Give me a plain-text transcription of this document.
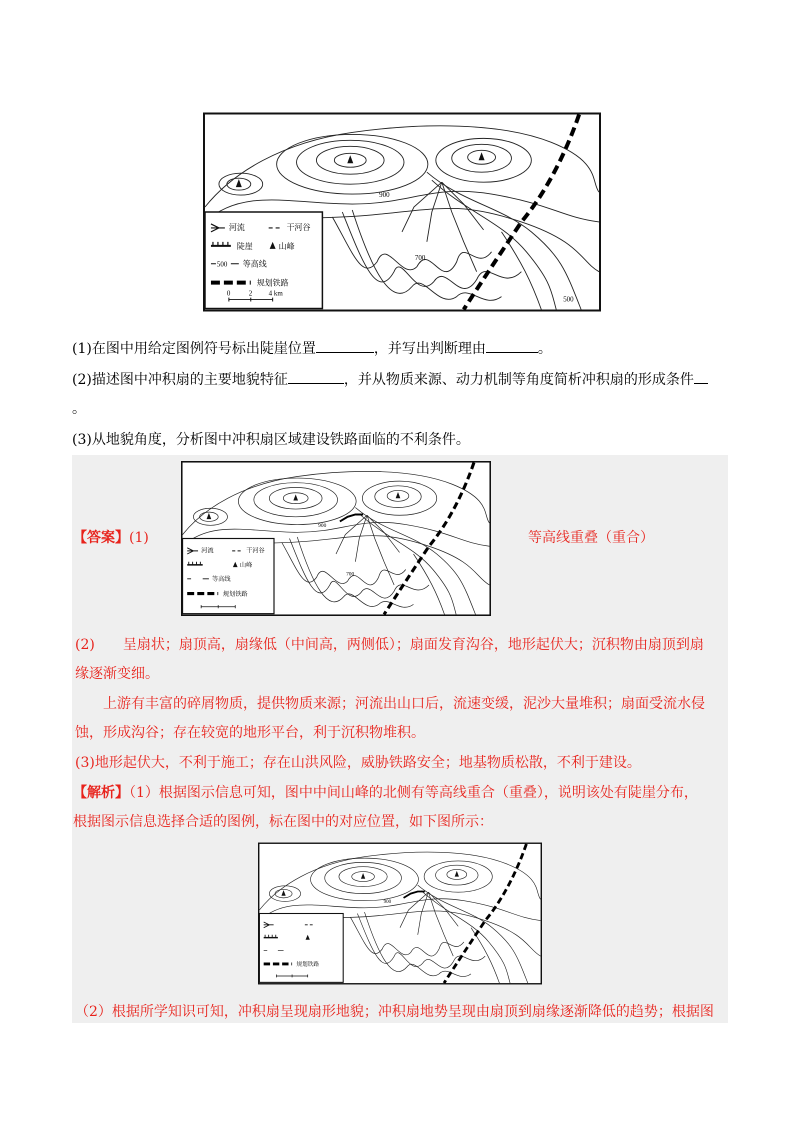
900
700
500
河流	干河谷
陡崖	山峰
500 等高线
规划铁路
0	2 4 km
(1)在图中用给定图例符号标出陡崖位置	，并写出判断理由	。
(2)描述图中冲积扇的主要地貌特征	，并从物质来源、动力机制等角度简析冲积扇的形成条件
。
(3)从地貌角度，分析图中冲积扇区域建设铁路面临的不利条件。
河流	干河谷
山峰
等高线
规划铁路
900
700
【答案】(1)	等高线重叠（重合）
(2)　　呈扇状；扇顶高，扇缘低（中间高，两侧低）；扇面发育沟谷，地形起伏大；沉积物由扇顶到扇
缘逐渐变细。
上游有丰富的碎屑物质，提供物质来源；河流出山口后，流速变缓，泥沙大量堆积；扇面受流水侵
蚀，形成沟谷；存在较宽的地形平台，利于沉积物堆积。
(3)地形起伏大，不利于施工；存在山洪风险，威胁铁路安全；地基物质松散，不利于建设。
【解析】（1）根据图示信息可知，图中中间山峰的北侧有等高线重合（重叠），说明该处有陡崖分布，
根据图示信息选择合适的图例，标在图中的对应位置，如下图所示：
900
规划铁路
（2）根据所学知识可知，冲积扇呈现扇形地貌；冲积扇地势呈现由扇顶到扇缘逐渐降低的趋势；根据图
